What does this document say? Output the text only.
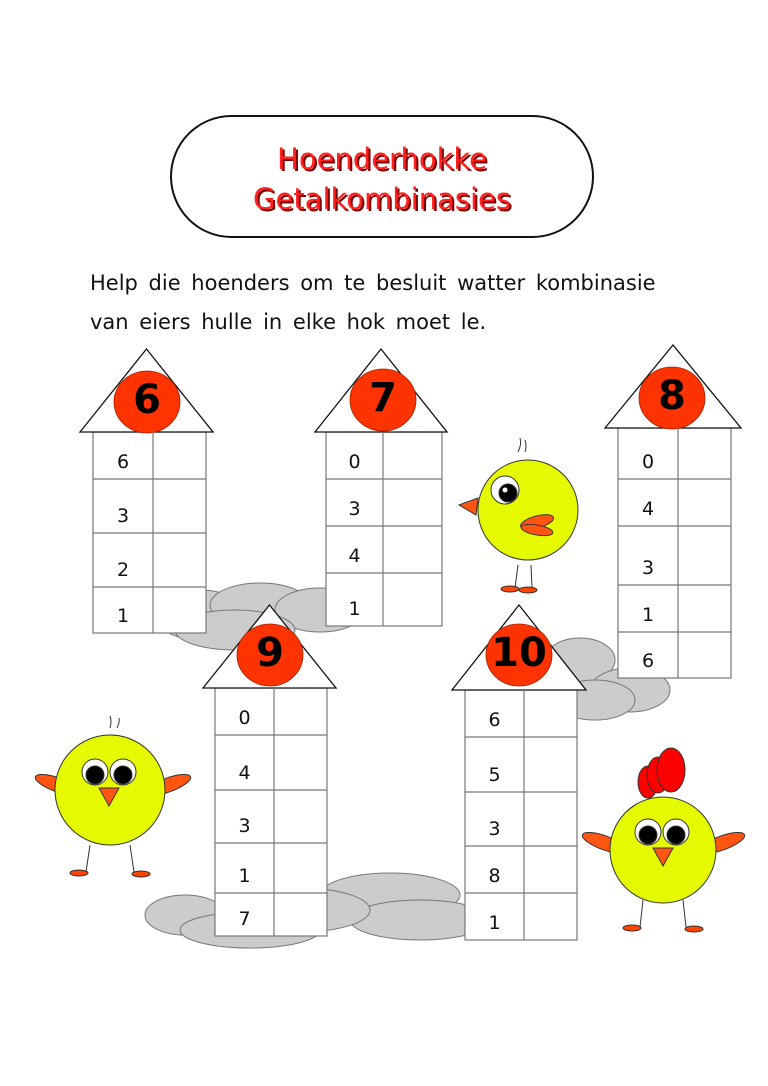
Hoenderhokke
Getalkombinasies
Help die hoenders om te besluit watter kombinasie
van eiers hulle in elke hok moet le.
6
6
3
2
1
7
0
3
4
1
8
0
4
3
1
6
9
0
4
3
1
7
10
6
5
3
8
1
